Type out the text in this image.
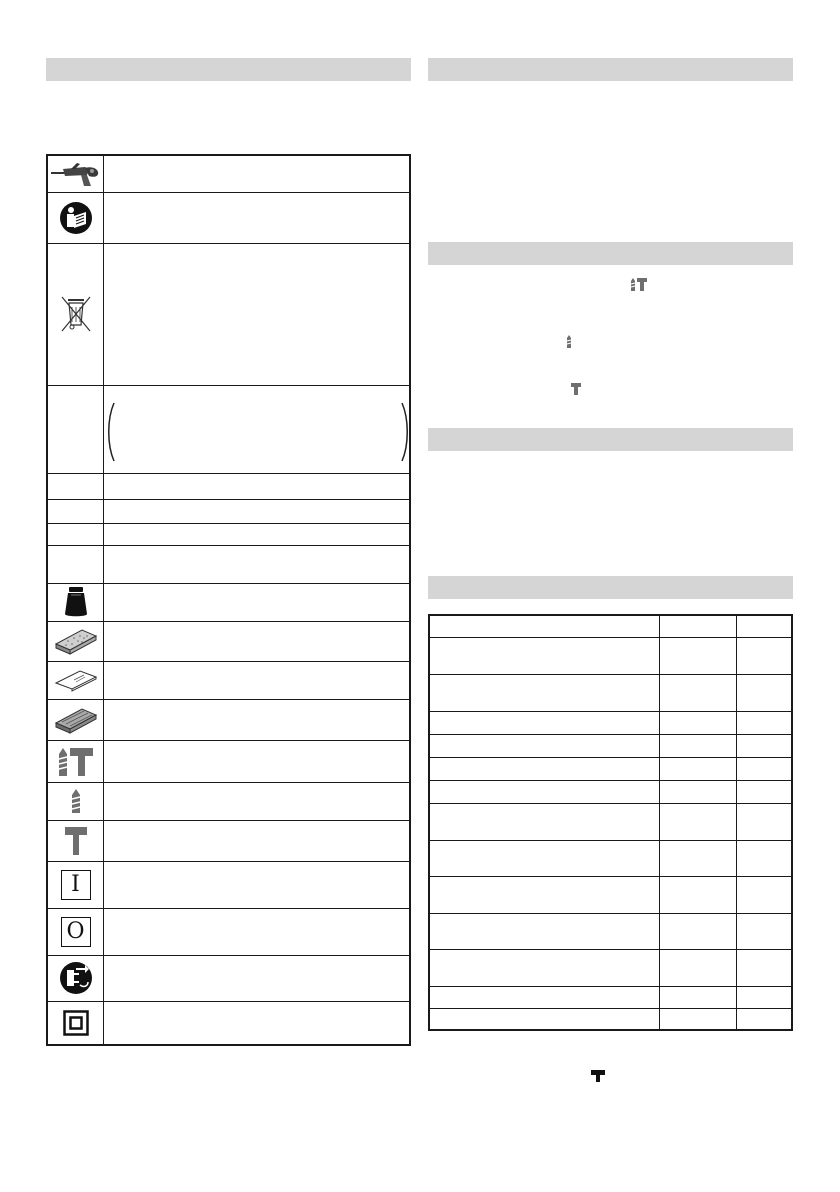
I
O
